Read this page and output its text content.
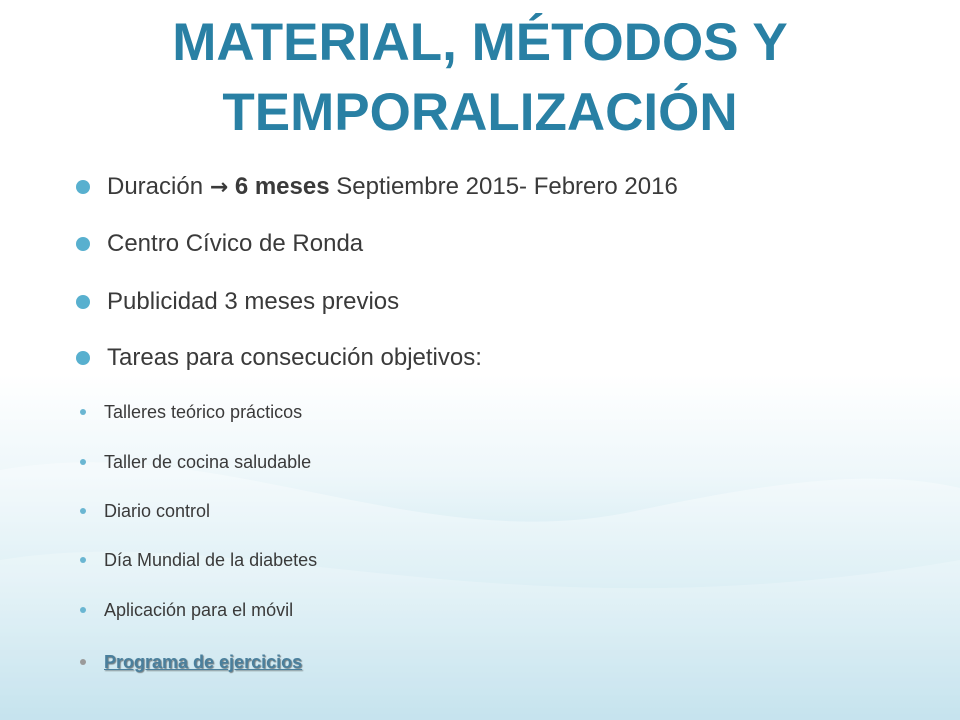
MATERIAL, MÉTODOS Y
TEMPORALIZACIÓN
Duración → 6 meses Septiembre 2015- Febrero 2016
Centro Cívico de Ronda
Publicidad 3 meses previos
Tareas para consecución objetivos:
Talleres teórico prácticos
Taller de cocina saludable
Diario control
Día Mundial de la diabetes
Aplicación para el móvil
Programa de ejercicios
